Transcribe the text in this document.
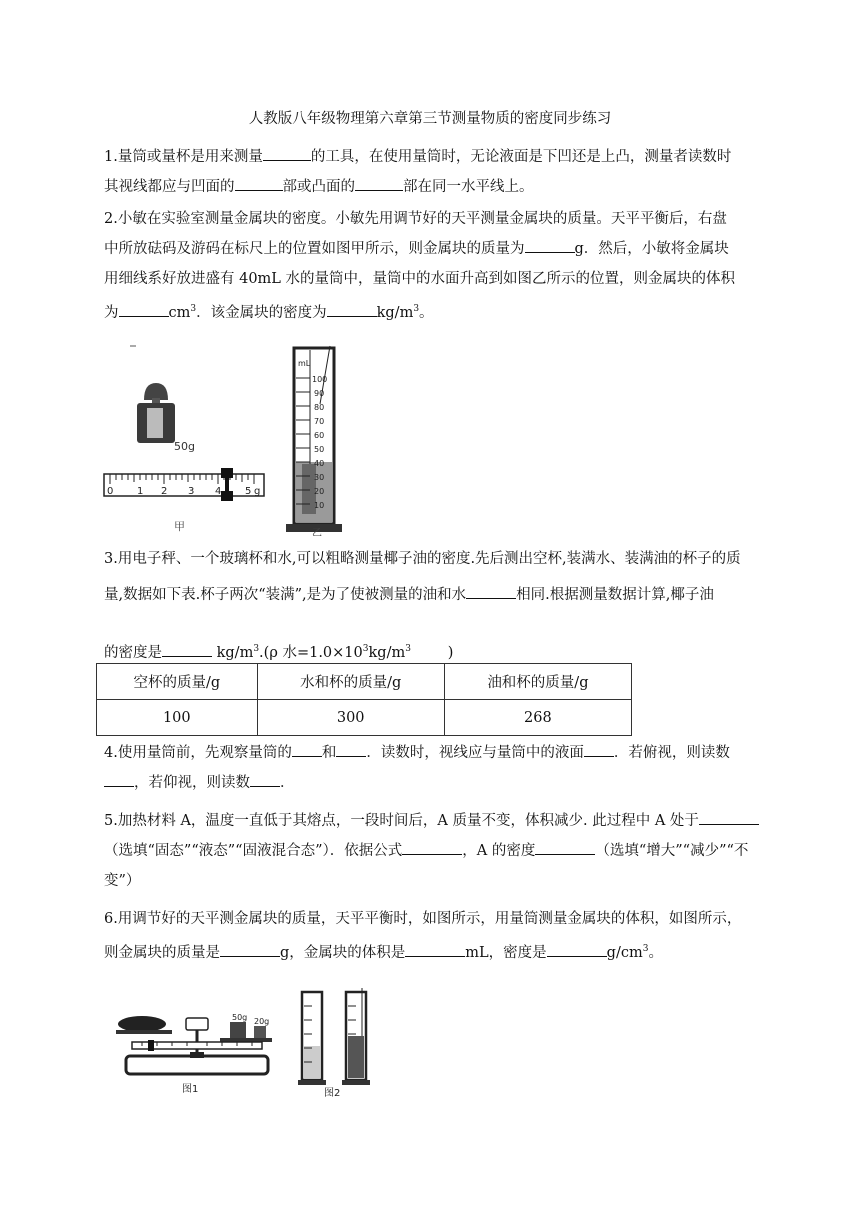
人教版八年级物理第六章第三节测量物质的密度同步练习
1.量筒或量杯是用来测量	的工具，在使用量筒时，无论液面是下凹还是上凸，测量者读数时
其视线都应与凹面的	部或凸面的	部在同一水平线上。
2.小敏在实验室测量金属块的密度。小敏先用调节好的天平测量金属块的质量。天平平衡后，右盘
中所放砝码及游码在标尺上的位置如图甲所示，则金属块的质量为	g．然后，小敏将金属块
用细线系好放进盛有 40mL 水的量筒中，量筒中的水面升高到如图乙所示的位置，则金属块的体积
为	$cm^3$．该金属块的密度为	$kg/m^3$。
50g
0 1 2 3 4 5 g
甲
mL
100
90
80
70
60
50
40
30
20
10
乙
3.用电子秤、一个玻璃杯和水,可以粗略测量椰子油的密度.先后测出空杯,装满水、装满油的杯子的质
量,数据如下表.杯子两次“装满”,是为了使被测量的油和水	相同.根据测量数据计算,椰子油
的密度是	$kg/m^3.(\rho$ 水$=1.0\times 10^3kg/m^3$        )
空杯的质量/g	水和杯的质量/g	油和杯的质量/g
100	300	268
4.使用量筒前，先观察量筒的 和 ．读数时，视线应与量筒中的液面 ．若俯视，则读数
，若仰视，则读数 ．
5.加热材料 A，温度一直低于其熔点，一段时间后，A 质量不变，体积减少. 此过程中 A 处于
（选填“固态”“液态”“固液混合态”）．依据公式	，A 的密度	（选填“增大”“减少”“不
变”）
6.用调节好的天平测金属块的质量，天平平衡时，如图所示，用量筒测量金属块的体积，如图所示，
则金属块的质量是	g，金属块的体积是	mL，密度是	$g/cm^3$。
50g 20g
图1	图2
